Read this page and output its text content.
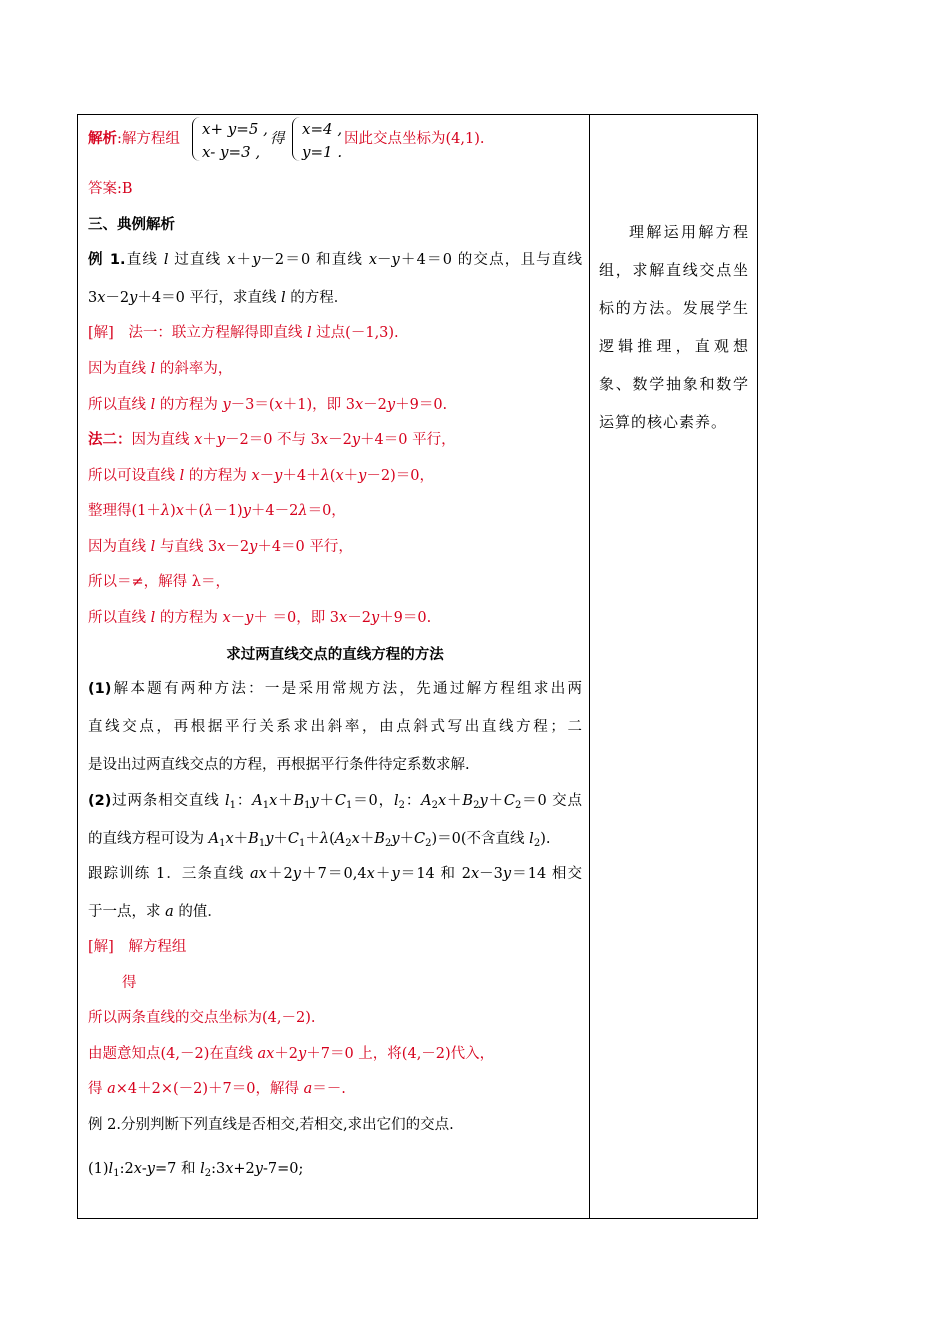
解析:解方程组
x+ y=5 ,
x- y=3 ,
得
x=4 ,
y=1 .
因此交点坐标为(4,1).
答案:B
三、典例解析
例 1.直线 l 过直线 x＋y－2＝0 和直线 x－y＋4＝0 的交点，且与直线
3x－2y＋4＝0 平行，求直线 l 的方程．
[解]　法一：联立方程解得即直线 l 过点(－1,3).
因为直线 l 的斜率为，
所以直线 l 的方程为 y－3＝(x＋1)，即 3x－2y＋9＝0.
法二：因为直线 x＋y－2＝0 不与 3x－2y＋4＝0 平行，
所以可设直线 l 的方程为 x－y＋4＋λ(x＋y－2)＝0，
整理得(1＋λ)x＋(λ－1)y＋4－2λ＝0，
因为直线 l 与直线 3x－2y＋4＝0 平行，
所以＝≠，解得 λ＝，
所以直线 l 的方程为 x－y＋ ＝0，即 3x－2y＋9＝0.
求过两直线交点的直线方程的方法
(1)解本题有两种方法：一是采用常规方法，先通过解方程组求出两
直线交点，再根据平行关系求出斜率，由点斜式写出直线方程；二
是设出过两直线交点的方程，再根据平行条件待定系数求解.
(2)过两条相交直线 $l_1$：$A_1x+B_1y+C_1=0$，$l_2$：$A_2x+B_2y+C_2=0$ 交点
的直线方程可设为 $A_1x+B_1y+C_1+\lambda(A_2x+B_2y+C_2)=0$(不含直线 $l_2$).
跟踪训练 1．三条直线 ax＋2y＋7＝0,4x＋y＝14 和 2x－3y＝14 相交
于一点，求 a 的值．
[解]　解方程组
得
所以两条直线的交点坐标为(4,－2).
由题意知点(4,－2)在直线 ax＋2y＋7＝0 上，将(4,－2)代入，
得 a×4＋2×(－2)＋7＝0，解得 a＝－.
例 2.分别判断下列直线是否相交,若相交,求出它们的交点.
$(1)l_1:2x-y=7$ 和 $l_2:3x+2y-7=0$;

理解运用解方程组，求解直线交点坐标的方法。发展学生逻辑推理，直观想象、数学抽象和数学运算的核心素养。
